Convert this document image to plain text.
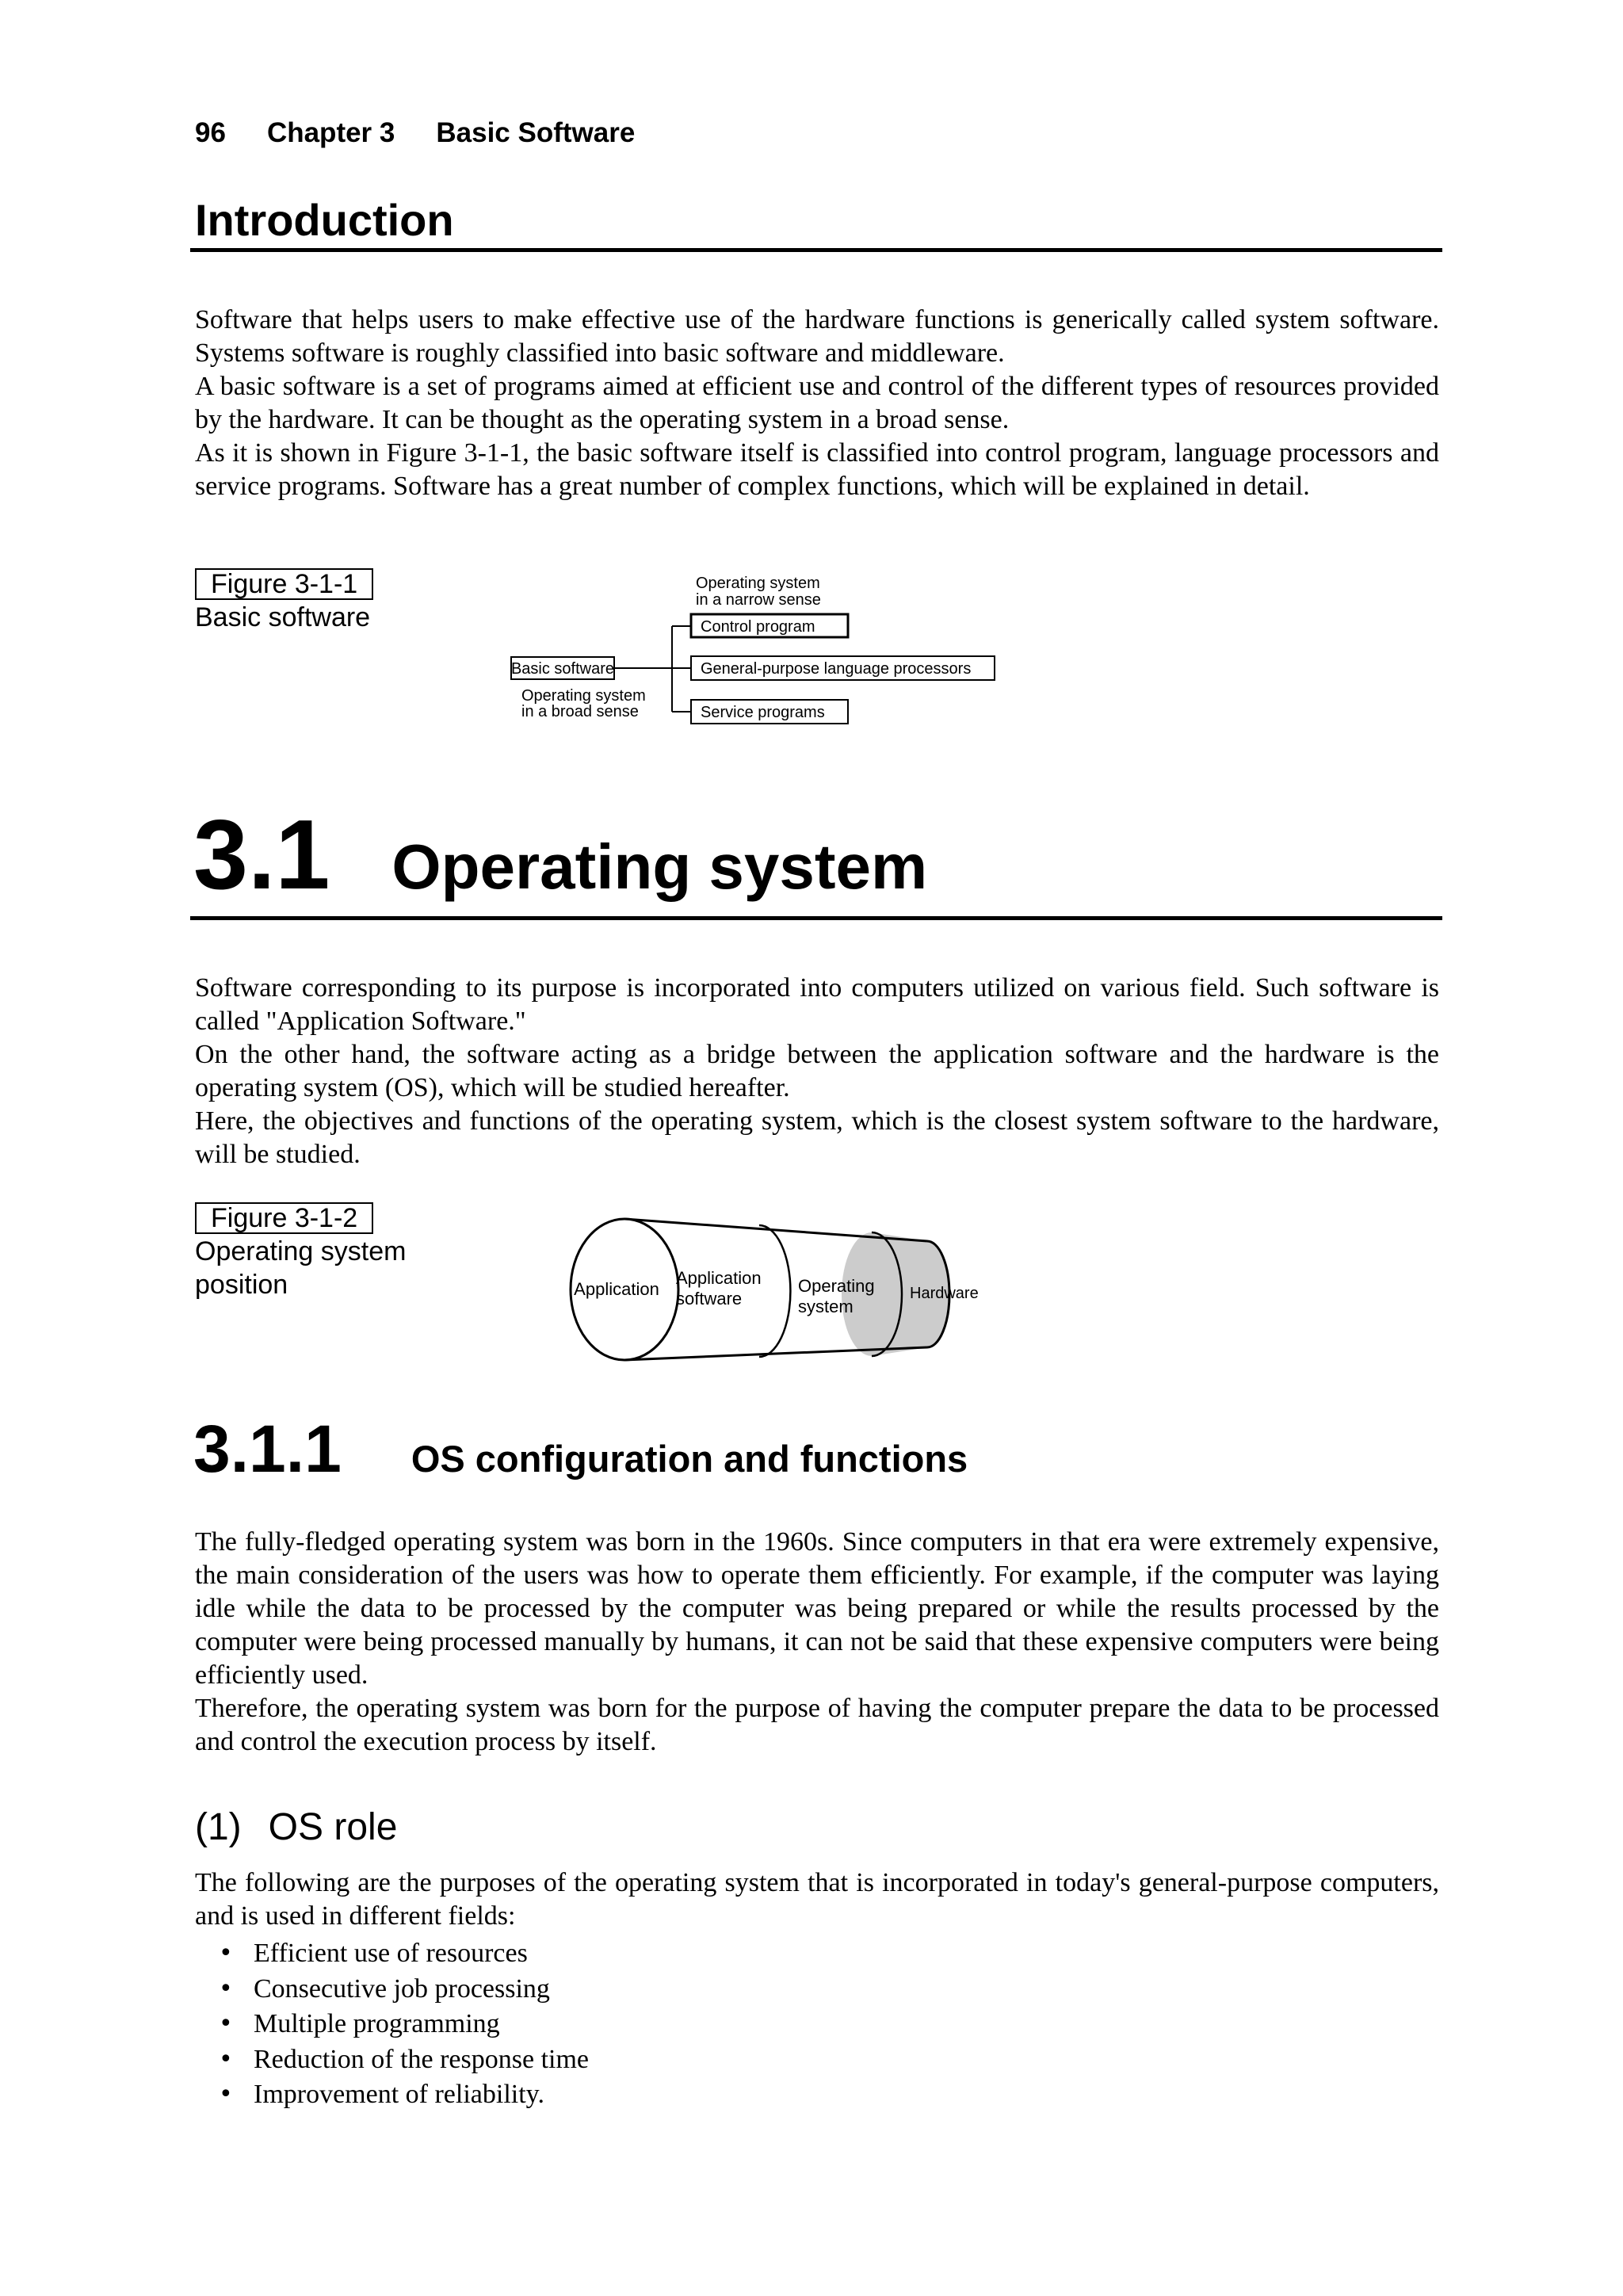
96 Chapter 3 Basic Software
Introduction

Software that helps users to make effective use of the hardware functions is generically called system software. Systems software is roughly classified into basic software and middleware.

A basic software is a set of programs aimed at efficient use and control of the different types of resources provided by the hardware. It can be thought as the operating system in a broad sense.

As it is shown in Figure 3-1-1, the basic software itself is classified into control program, language processors and service programs. Software has a great number of complex functions, which will be explained in detail.

Figure 3-1-1
Basic software
Operating system
in a narrow sense
Basic software
Operating system
in a broad sense
Control program
General-purpose language processors
Service programs
3.1 Operating system

Software corresponding to its purpose is incorporated into computers utilized on various field. Such software is called "Application Software."

On the other hand, the software acting as a bridge between the application software and the hardware is the operating system (OS), which will be studied hereafter.

Here, the objectives and functions of the operating system, which is the closest system software to the hardware, will be studied.

Figure 3-1-2
Operating system
position	Application
Application
software
Operating
system
Hardware
3.1.1 OS configuration and functions

The fully-fledged operating system was born in the 1960s. Since computers in that era were extremely expensive, the main consideration of the users was how to operate them efficiently. For example, if the computer was laying idle while the data to be processed by the computer was being prepared or while the results processed by the computer were being processed manually by humans, it can not be said that these expensive computers were being efficiently used.

Therefore, the operating system was born for the purpose of having the computer prepare the data to be processed and control the execution process by itself.

(1) OS role

The following are the purposes of the operating system that is incorporated in today's general-purpose computers, and is used in different fields:

• Efficient use of resources
• Consecutive job processing
• Multiple programming
• Reduction of the response time
• Improvement of reliability.
